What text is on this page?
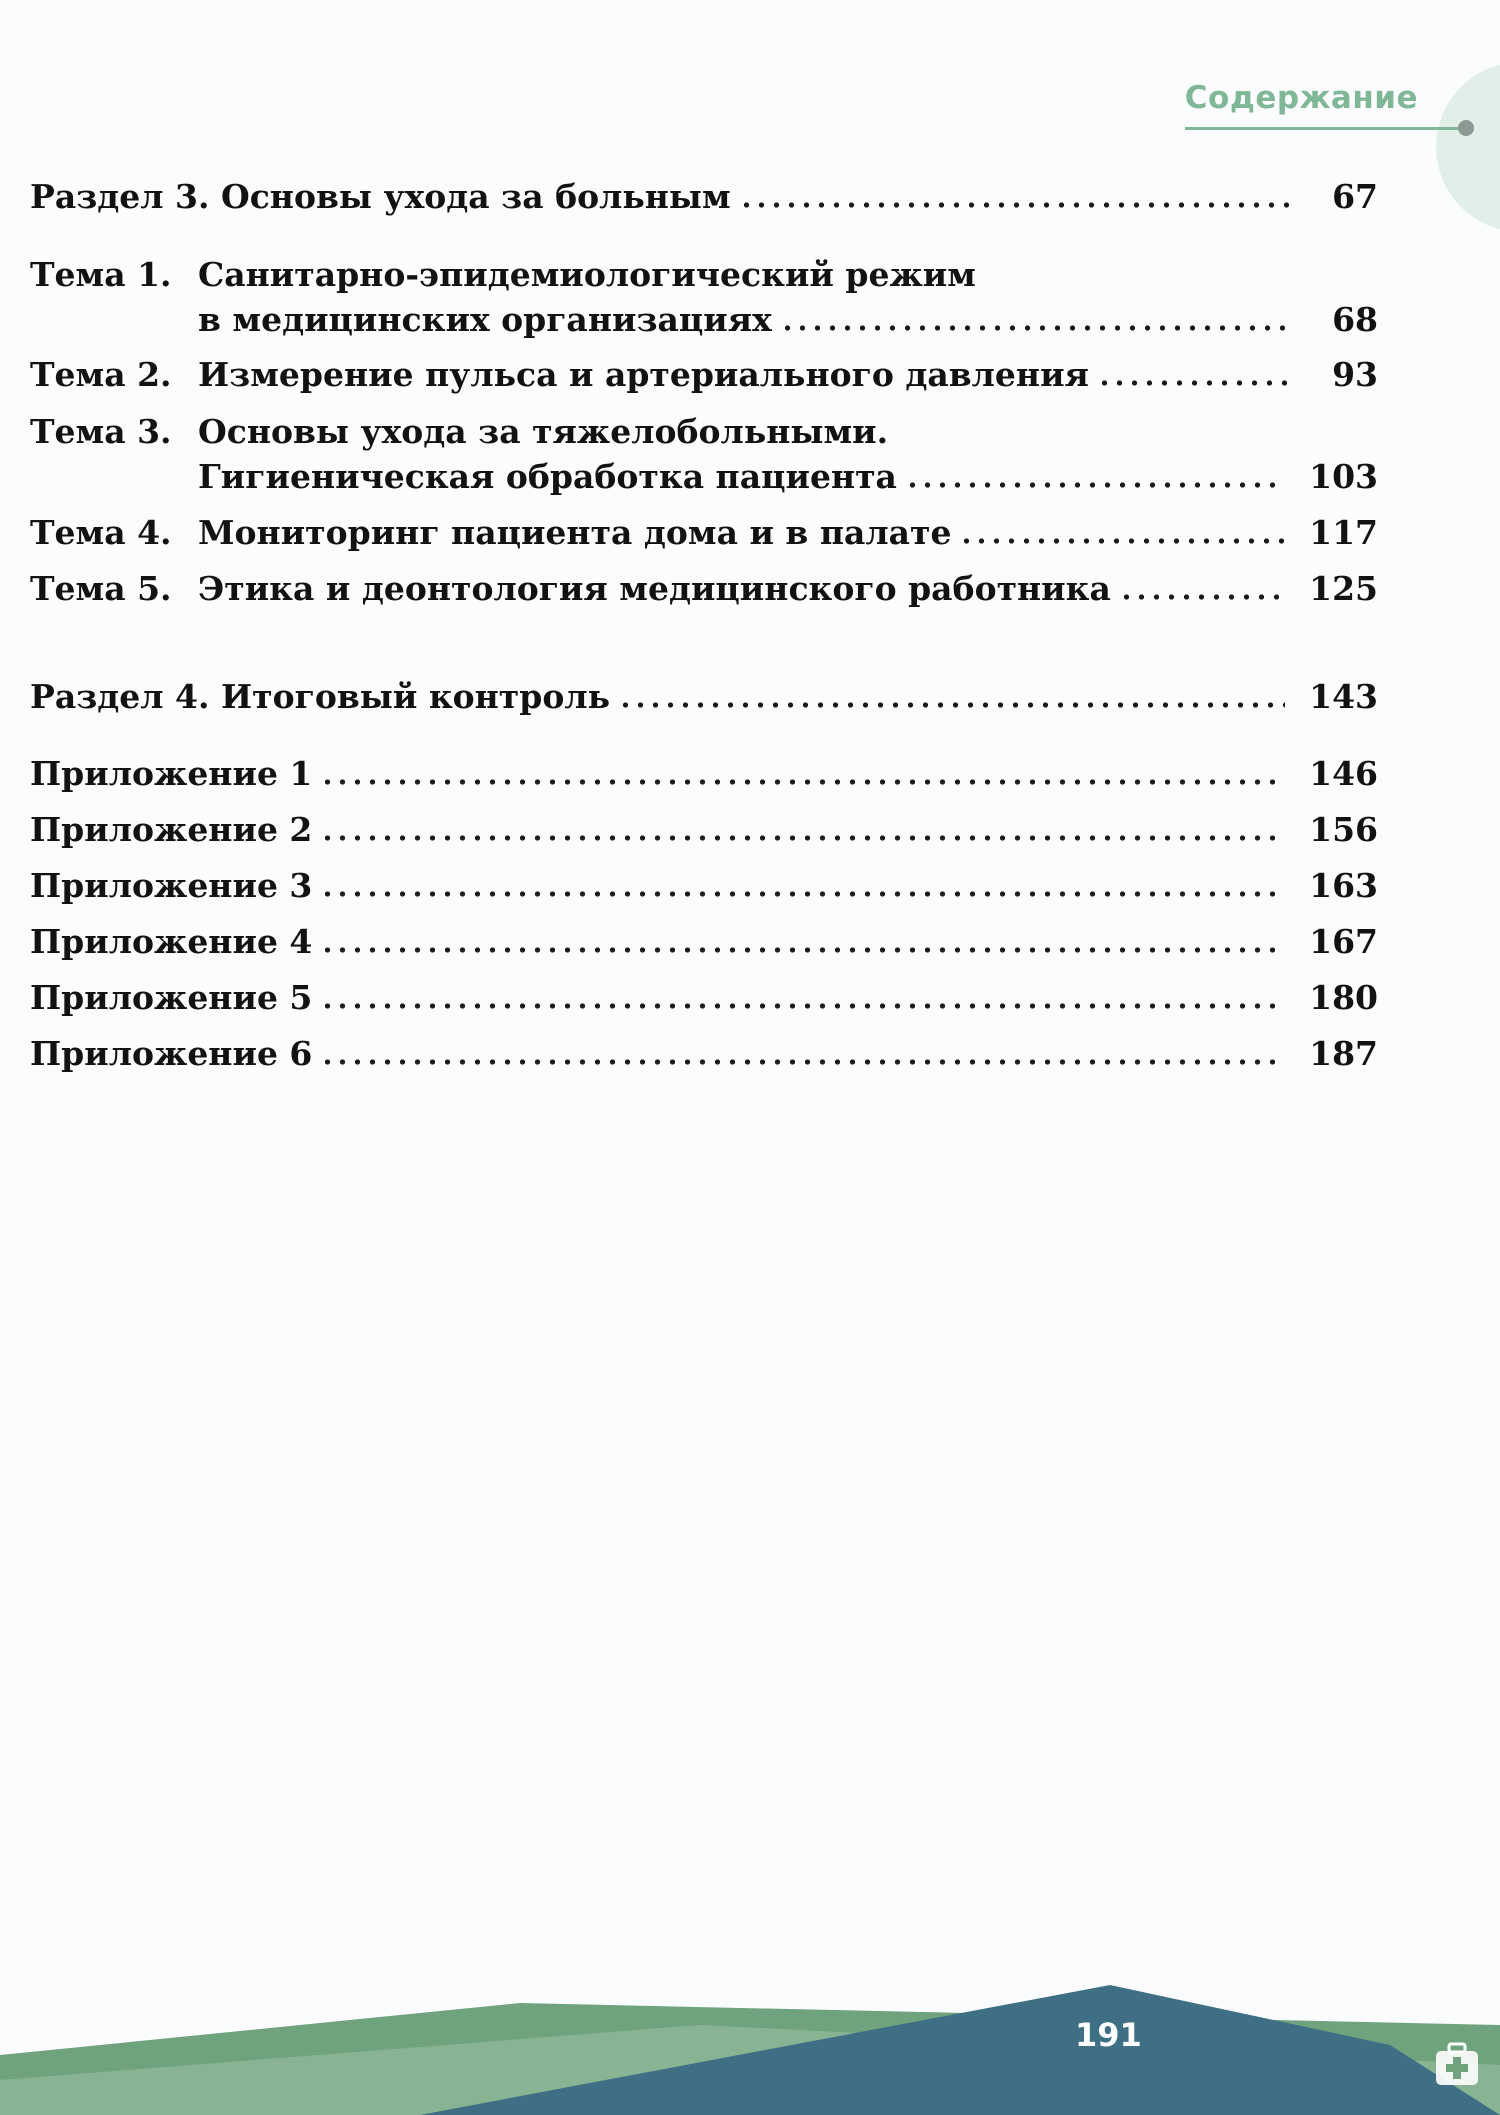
Содержание
Раздел 3.
Основы ухода за больным	67
Тема 1. Санитарно-эпидемиологический режим
в медицинских организациях	68
Тема 2. Измерение пульса и артериального давления	93
Тема 3. Основы ухода за тяжелобольными.
Гигиеническая обработка пациента	103
Тема 4. Мониторинг пациента дома и в палате	117
Тема 5. Этика и деонтология медицинского работника	125
Раздел 4.
Итоговый контроль	143
Приложение 1	146
Приложение 2	156
Приложение 3	163
Приложение 4	167
Приложение 5	180
Приложение 6	187
191
